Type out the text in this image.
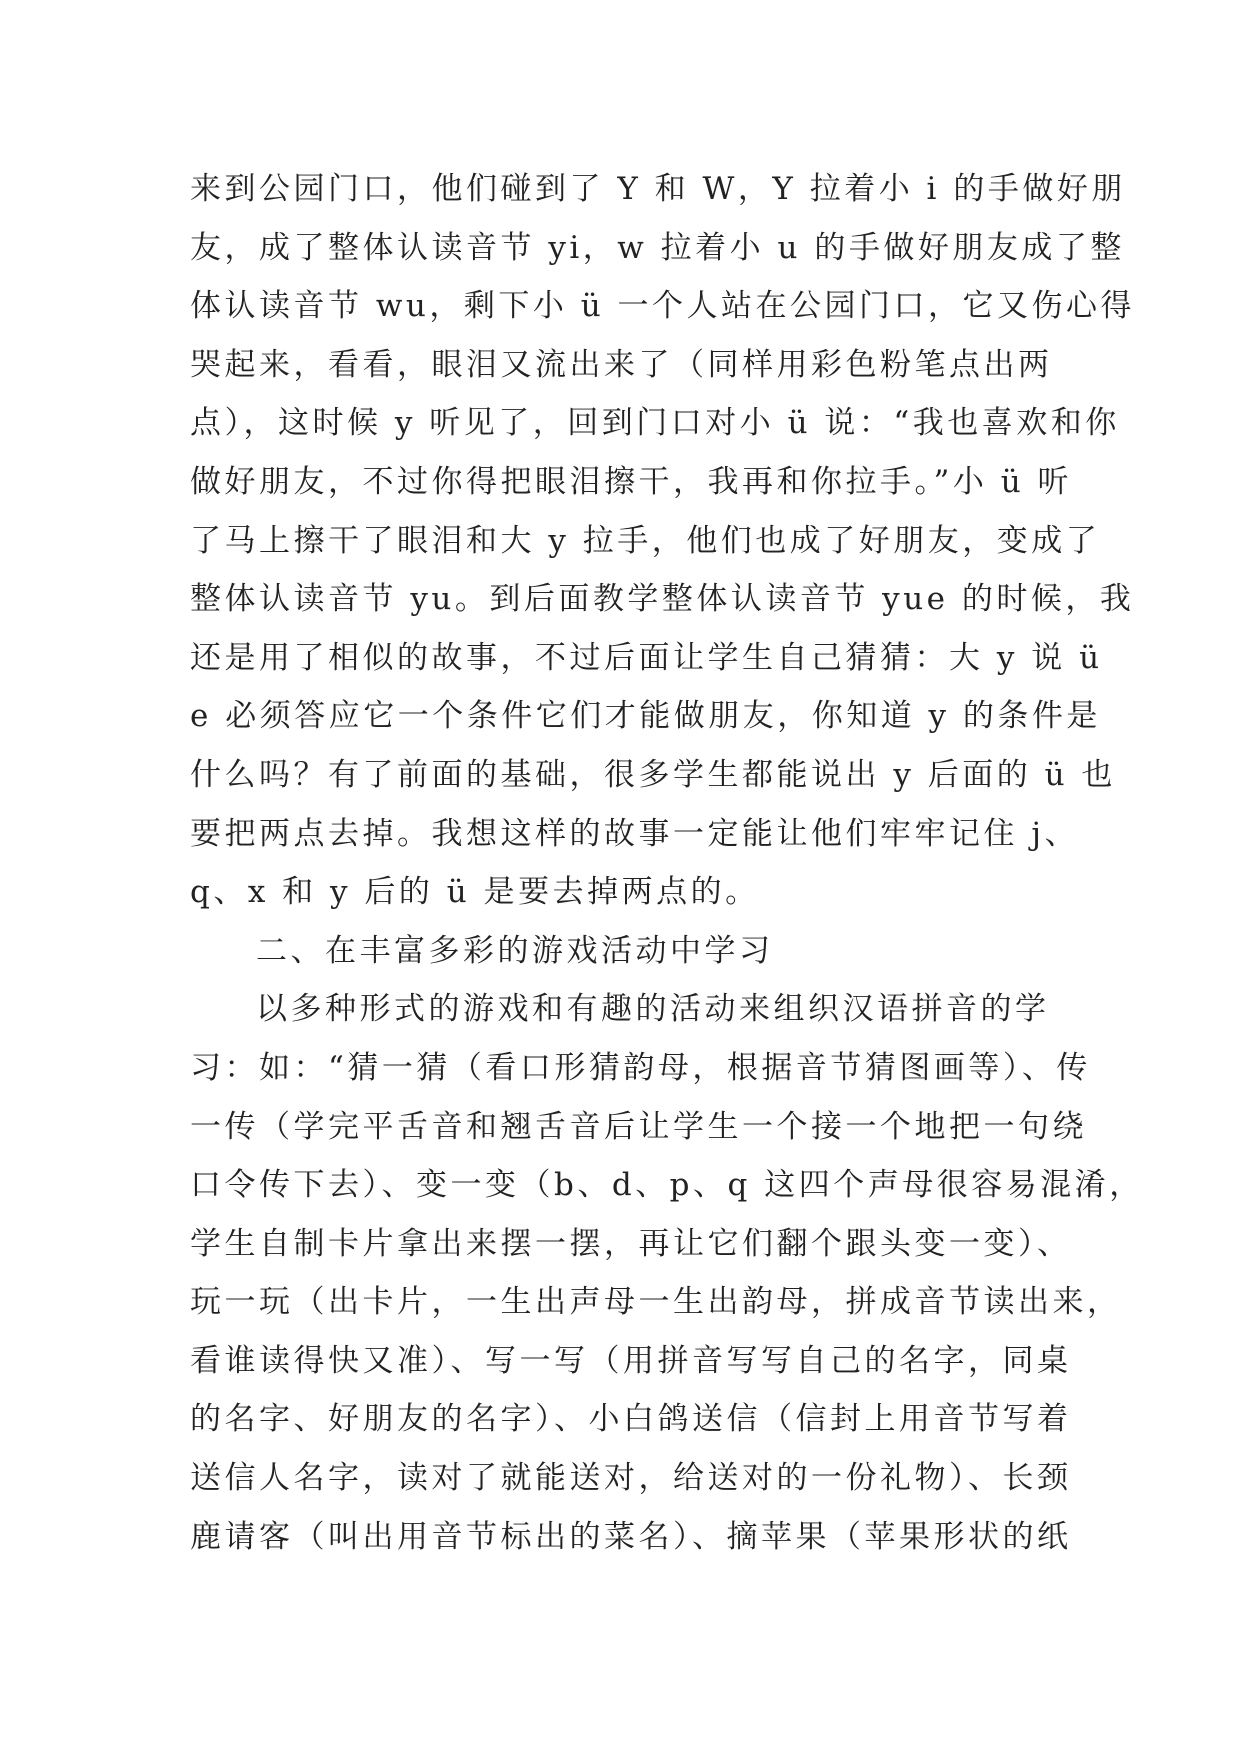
来到公园门口，他们碰到了 Y 和 W，Y 拉着小 i 的手做好朋

友，成了整体认读音节 yi，w 拉着小 u 的手做好朋友成了整

体认读音节 wu，剩下小 ü 一个人站在公园门口，它又伤心得

哭起来，看看，眼泪又流出来了（同样用彩色粉笔点出两

点），这时候 y 听见了，回到门口对小 ü 说：“我也喜欢和你

做好朋友，不过你得把眼泪擦干，我再和你拉手。”小 ü 听

了马上擦干了眼泪和大 y 拉手，他们也成了好朋友，变成了

整体认读音节 yu。到后面教学整体认读音节 yue 的时候，我

还是用了相似的故事，不过后面让学生自己猜猜：大 y 说 ü

e 必须答应它一个条件它们才能做朋友，你知道 y 的条件是

什么吗？有了前面的基础，很多学生都能说出 y 后面的 ü 也

要把两点去掉。我想这样的故事一定能让他们牢牢记住 j、

q、x 和 y 后的 ü 是要去掉两点的。

二、在丰富多彩的游戏活动中学习

以多种形式的游戏和有趣的活动来组织汉语拼音的学

习：如：“猜一猜（看口形猜韵母，根据音节猜图画等）、传

一传（学完平舌音和翘舌音后让学生一个接一个地把一句绕

口令传下去）、变一变（b、d、p、q 这四个声母很容易混淆，

学生自制卡片拿出来摆一摆，再让它们翻个跟头变一变）、

玩一玩（出卡片，一生出声母一生出韵母，拼成音节读出来，

看谁读得快又准）、写一写（用拼音写写自己的名字，同桌

的名字、好朋友的名字）、小白鸽送信（信封上用音节写着

送信人名字，读对了就能送对，给送对的一份礼物）、长颈

鹿请客（叫出用音节标出的菜名）、摘苹果（苹果形状的纸
